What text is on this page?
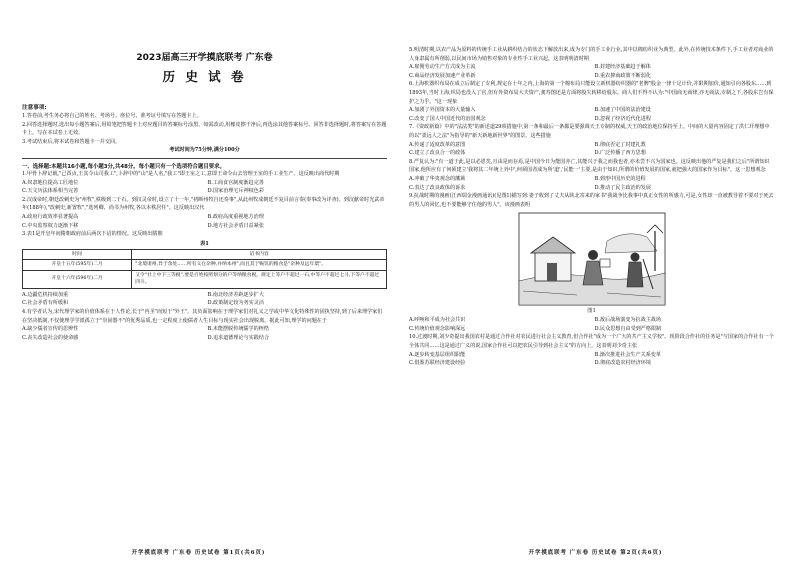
2023届高三开学摸底联考 广东卷
历 史 试 卷
注意事项:

1.答卷前,考生务必将自己的姓名、考场号、座位号、准考证号填写在答题卡上。

2.回答选择题时,选出每小题答案后,用铅笔把答题卡上对应题目的答案标号涂黑。如需改动,用橡皮擦干净后,再选涂其他答案标号。回答非选择题时,将答案写在答题卡上。写在本试卷上无效。

3.考试结束后,将本试卷和答题卡一并交回。

考试时间为75分钟,满分100分

一、选择题:本题共16小题,每小题3分,共48分。每小题只有一个选项符合题目要求。

1.甲骨卜辞记载,"己酉贞,王其令山司我工",卜辞中的"山"是人名,"我工"即王室之工,意即王命令山去管理王室的手工业生产。这反映出商代时期

A.奴隶地位提高工匠地位	B.工商食官制度渐趋完善
C.天文历法体系相当完善	D.国家治理宅斥神权色彩

2.汉成帝时,朝廷改刺史为"州牧",秩级到二千石。到汉灵帝时,设立了十一年,"初断州牧自还奏事",从此州牧成朝廷不复目前言奏(奏事改为详查)。到汉献帝时光武帝年(188年),"改刺史,新置牧","选列卿、尚书为州牧,各以本秩居任"。这反映出汉代

A.政府行政效率显著提高	B.政府高度重视地方治理
C.中央监察权力逐渐下移	D.地方社会矛盾日益紧张

3.表1是开皇年间隋朝政府前后两次下诏的情况。这反映出隋朝

表1
时间	诏书内容
开皇十五年(595年)二月	"北境诸州,异于余处……所有义仓杂种,并纳本州",而且其于赈饥的粮食是"杂种及远年粟"。
开皇十六年(596年)二月	又令"社上中下三等税",要是百姓按照划分的户等纳粮食税。规定上等户不超过一石,中等户不超过七斗,下等户不超过四斗。
A.边疆危机持续加重	B.南北经济差距逐步扩大
C.社会矛盾有所缓和	D.政策制定较为务实灵活

4.有学者认为,宋代理学家的价值体系在于人性论,长于"内圣"而短于"外王"。其负面影响在于理学家们对礼义之学或中华文化特殊性的固执坚持,到了后来理学家们在坚决抵制,不仅使理学学派孤立于"崇固器不"的优秀品质,也一定程度上使儒者人生目标与现实社会出现脱离。据此可知,理学的问题在于

A.缺少儒者宣传的思辨性	B.未能摆脱传统儒学的桎梏
C.丧失改造社会的使命感	D.追求道德理论与实践结合
开学摸底联考 广东卷 历史试卷 第1页(共6页)

5.明清时期,以农产品为原料的传统手工业从耕织结合的状态下解放出来,成为专门的手工业行业,其中以棉纺织业为典型。此外,在传统技术条件下,手工业者对商业的人身隶属有所削弱,以民间市场为销售对象的专业性手工业兴起。这表明明清时期

A.雇佣劳动生产方式成为主流	B.封建经济基础趋于解体
C.商品经济发展加速产业革新	D.重农抑商政策不断弱化

6.上海机器织布局在成立后制定了专利,规定在十年之内,上海的第一个棉布局只能设立新机器纺织器的"老脾"股金一律十足计价,并限期加价,通知引向各股东……到1893年,当时上海,织局也没入了官,但有外资布局大夫资产,龚寿图还是方面将股失转移给股东。商人们不得不认为:"中国商无商律,亦无商法,专制之下,各股东岂有保护之力乎。"这一现象

A.加剧了外国资本的大量输入	B.加速了中国的法治建设
C.改变了国人中国近代的治国观念	D.忽视了经济近代化进程

7.《资政新篇》中的"法法类"的新述道29项措施中,第一条和最后一条都是要强调天王专制的权威,天王的政治地位保持至上。中间的大量内容固定了洪仁玕理想中的以"柔远人之法"为指导的"新天新地新世界"的图景。这些措施

A.传递了适度改革的意图	B.彻底否定了封建礼教
C.建立了改良合一的政体	D.广泛传播了西方思想

8.严复认为:"有一道于此,是以必恩矣,且由是而存焉,是中国今日为能国亦亡,其能兴于我之而我也者,亦未尝不兴为国家也。这反映出他的严复是我们之后"所谓知识国家,他所应有了何须建立'我将其二年统上外中',何须国者成为所'道','民能一'主要,是由于知识,所谓的价值发展的国家,就把强大的国家作为目标"。这一思想观念

A.冲破了华夷观念的藩篱	B.到形中国历史的进程
C.表达了改良政体的诉求	D.推动了民主政治的发展

9.抗战时期的漫画(江西瑞金漫画通讯)(见图1)描写到:妻子收到了丈夫从陕北寄来的家书"我战争比我事中真正女性的所感力,可是,女性却一直被教导着不要对于死去的男人的回忆,也不要能够守住他的男人"。该漫画表明

图1
A.呼唤和平成为社会共识	B.敌后战场演变为抗战主战场
C.传统价值观念影响深远	D.民众思想自由受到严格限制

10.过渡时期,刘少奇提出我国农村是通过合作社对农民进行社会主义教育,但合作社"成为一个广大的共产主义学校"。现阶段合作社的任务是"与国家的合作社有一个全体共同……这是通过广义的说,国家合作社可以把农民引导到社会主义"的方向上。这表明刘少奇主张

A.逐步转变基层组织职能	B.渐次推进社会生产关系变革
C.借鉴苏联经济建设经验	D.彻底改造农村经济环境
开学摸底联考 广东卷 历史试卷 第2页(共6页)
